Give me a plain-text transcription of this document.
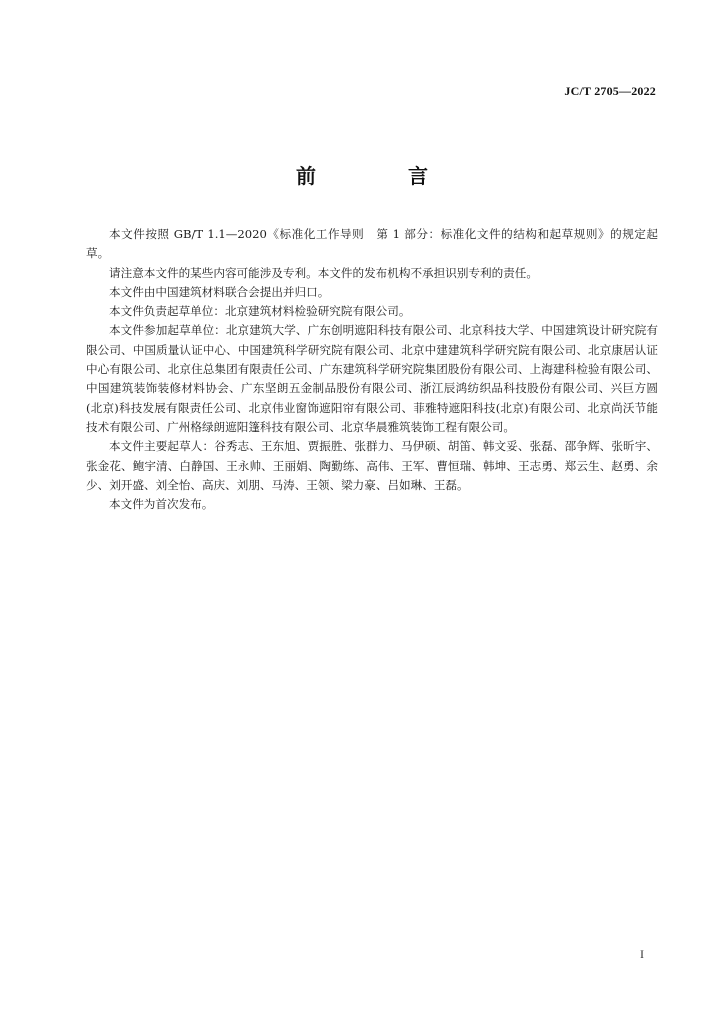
JC/T 2705—2022
前　言

本文件按照 GB/T 1.1—2020《标准化工作导则　第 1 部分：标准化文件的结构和起草规则》的规定起草。

请注意本文件的某些内容可能涉及专利。本文件的发布机构不承担识别专利的责任。

本文件由中国建筑材料联合会提出并归口。

本文件负责起草单位：北京建筑材料检验研究院有限公司。

本文件参加起草单位：北京建筑大学、广东创明遮阳科技有限公司、北京科技大学、中国建筑设计研究院有限公司、中国质量认证中心、中国建筑科学研究院有限公司、北京中建建筑科学研究院有限公司、北京康居认证中心有限公司、北京住总集团有限责任公司、广东建筑科学研究院集团股份有限公司、上海建科检验有限公司、中国建筑装饰装修材料协会、广东坚朗五金制品股份有限公司、浙江辰鸿纺织品科技股份有限公司、兴巨方圆(北京)科技发展有限责任公司、北京伟业窗饰遮阳帘有限公司、菲雅特遮阳科技(北京)有限公司、北京尚沃节能技术有限公司、广州格绿朗遮阳篷科技有限公司、北京华晨雅筑装饰工程有限公司。

本文件主要起草人：谷秀志、王东旭、贾振胜、张群力、马伊硕、胡笛、韩文妥、张磊、邵争辉、张昕宇、张金花、鲍宇清、白静国、王永帅、王丽娟、陶勤练、高伟、王军、曹恒瑞、韩坤、王志勇、郑云生、赵勇、余少、刘开盛、刘全怡、高庆、刘朋、马涛、王领、梁力豪、吕如琳、王磊。

本文件为首次发布。

I
